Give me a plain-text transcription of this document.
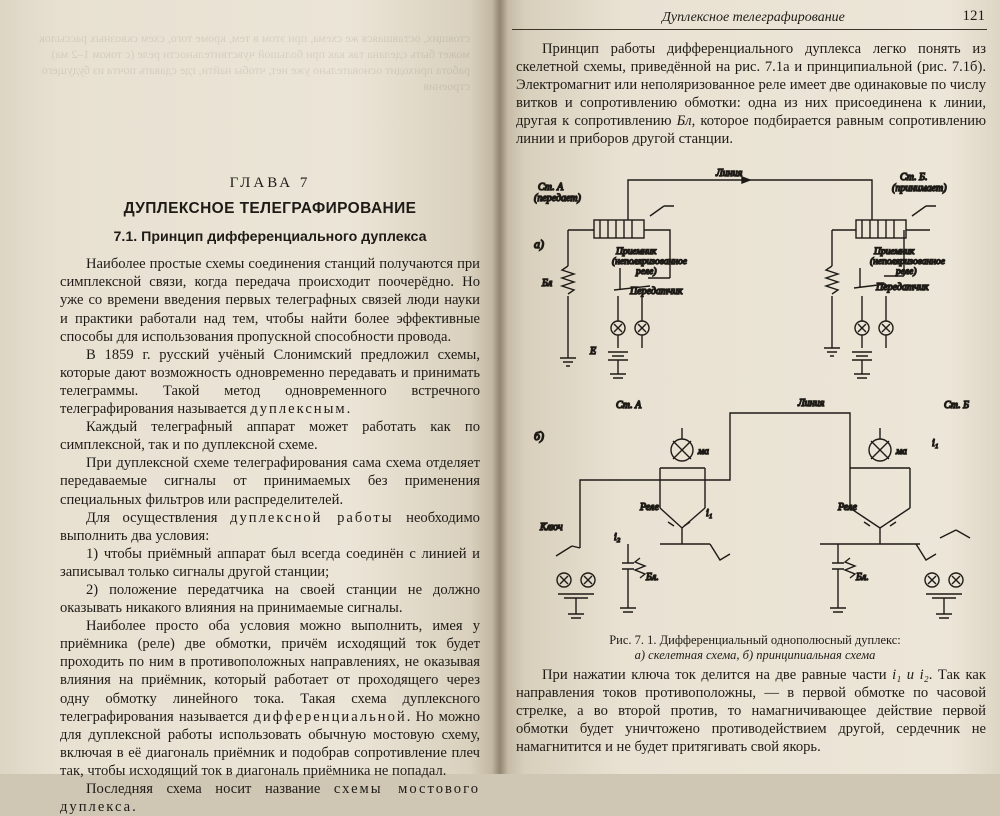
стоящих, оставшаяся же схема, при этом в тем, кроме того, схем сквозных рассылок может быть сделана так как при большой чувствительности реле (с током 1–2 ма) работа приходит основательно уже нет, чтобы найти, где сдавать почта из будущего строения
ГЛАВА 7
ДУПЛЕКСНОЕ ТЕЛЕГРАФИРОВАНИЕ
7.1. Принцип дифференциального дуплекса

Наиболее простые схемы соединения станций получаются при симплексной связи, когда передача происходит поочерёдно. Но уже со времени введения первых телеграфных связей люди науки и практики работали над тем, чтобы найти более эффективные способы для использования пропускной способности провода.

В 1859 г. русский учёный Слонимский предложил схемы, которые дают возможность одновременно передавать и принимать телеграммы. Такой метод одновременного встречного телеграфирования называется дуплексным.

Каждый телеграфный аппарат может работать как по симплексной, так и по дуплексной схеме.

При дуплексной схеме телеграфирования сама схема отделяет передаваемые сигналы от принимаемых без применения специальных фильтров или распределителей.

Для осуществления дуплексной работы необходимо выполнить два условия:

1) чтобы приёмный аппарат был всегда соединён с линией и записывал только сигналы другой станции;

2) положение передатчика на своей станции не должно оказывать никакого влияния на принимаемые сигналы.

Наиболее просто оба условия можно выполнить, имея у приёмника (реле) две обмотки, причём исходящий ток будет проходить по ним в противоположных направлениях, не оказывая влияния на приёмник, который работает от проходящего через одну обмотку линейного тока. Такая схема дуплексного телеграфирования называется дифференциальной. Но можно для дуплексной работы использовать обычную мостовую схему, включая в её диагональ приёмник и подобрав сопротивление плеч так, чтобы исходящий ток в диагональ приёмника не попадал.

Последняя схема носит название схемы мостового дуплекса.

Дуплексное телеграфирование	121

Принцип работы дифференциального дуплекса легко понять из скелетной схемы, приведённой на рис. 7.1а и принципиальной (рис. 7.1б). Электромагнит или неполяризованное реле имеет две одинаковые по числу витков и сопротивлению обмотки: одна из них присоединена к линии, другая к сопротивлению Бл, которое подбирается равным сопротивлению линии и приборов другой станции.

Ст. А
(передает)
Линия	Ст. Б.
(принимает)
а)
Приемник
(неполяризованное
реле)
Приемник
(неполяризованное
реле)
Передатчик	Передатчик
Бл
Е
б)
Ст. А	Линия	Ст. Б
ма	ма
Реле	Реле
Ключ
i₁
i₁
i₂
Бл.	Бл.
Рис. 7. 1. Дифференциальный однополюсный дуплекс:
а) скелетная схема, б) принципиальная схема

При нажатии ключа ток делится на две равные части i₁ и i₂. Так как направления токов противоположны, — в первой обмотке по часовой стрелке, а во второй против, то намагничивающее действие первой обмотки будет уничтожено противодействием другой, сердечник не намагнитится и не будет притягивать свой якорь.
